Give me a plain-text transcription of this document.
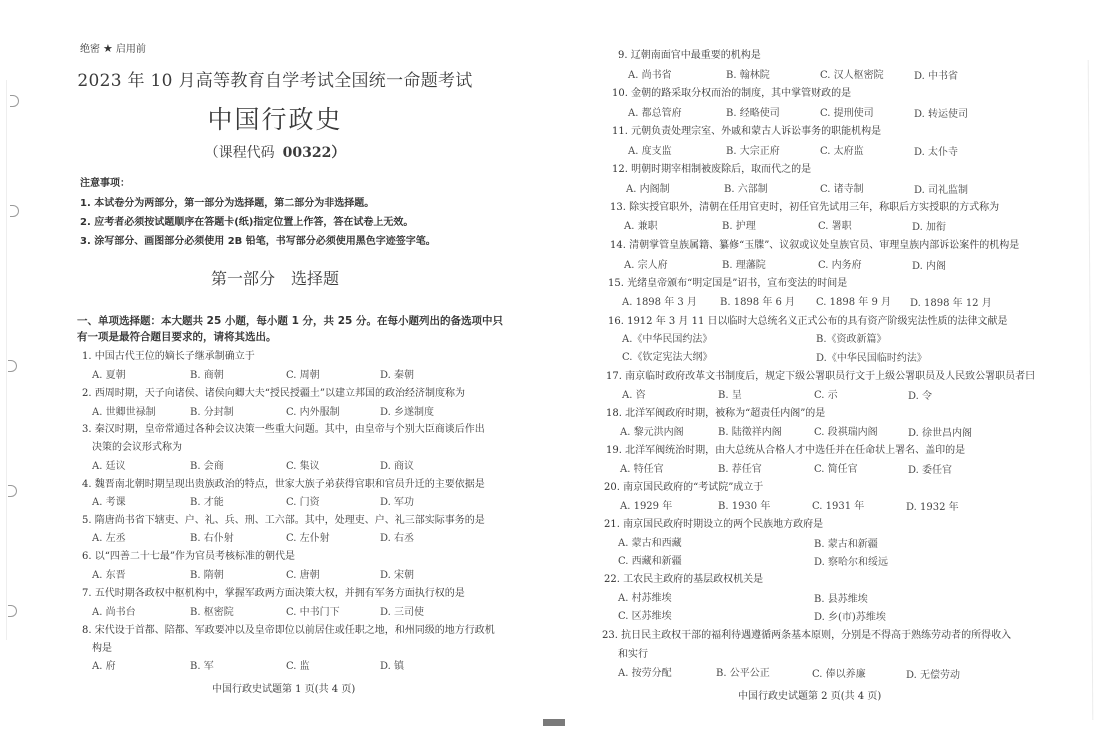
绝密 ★ 启用前
2023 年 10 月高等教育自学考试全国统一命题考试
中国行政史
（课程代码 00322）
注意事项：
1. 本试卷分为两部分，第一部分为选择题，第二部分为非选择题。
2. 应考者必须按试题顺序在答题卡(纸)指定位置上作答，答在试卷上无效。
3. 涂写部分、画图部分必须使用 2B 铅笔，书写部分必须使用黑色字迹签字笔。
第一部分 选择题
一、单项选择题：本大题共 25 小题，每小题 1 分，共 25 分。在每小题列出的备选项中只有一项是最符合题目要求的，请将其选出。
1. 中国古代王位的嫡长子继承制确立于
A. 夏朝	B. 商朝	C. 周朝	D. 秦朝
2. 西周时期，天子向诸侯、诸侯向卿大夫“授民授疆土”以建立邦国的政治经济制度称为
A. 世卿世禄制	B. 分封制	C. 内外服制	D. 乡遂制度
3. 秦汉时期，皇帝常通过各种会议决策一些重大问题。其中，由皇帝与个别大臣商谈后作出
决策的会议形式称为
A. 廷议	B. 会商	C. 集议	D. 商议
4. 魏晋南北朝时期呈现出贵族政治的特点，世家大族子弟获得官职和官员升迁的主要依据是
A. 考课	B. 才能	C. 门资	D. 军功
5. 隋唐尚书省下辖吏、户、礼、兵、刑、工六部。其中，处理吏、户、礼三部实际事务的是
A. 左丞	B. 右仆射	C. 左仆射	D. 右丞
6. 以“四善二十七最”作为官员考核标准的朝代是
A. 东晋	B. 隋朝	C. 唐朝	D. 宋朝
7. 五代时期各政权中枢机构中，掌握军政两方面决策大权，并拥有军务方面执行权的是
A. 尚书台	B. 枢密院	C. 中书门下	D. 三司使
8. 宋代设于首都、陪都、军政要冲以及皇帝即位以前居住或任职之地，和州同级的地方行政机
构是
A. 府	B. 军	C. 监	D. 镇
中国行政史试题第 1 页(共 4 页)
9. 辽朝南面官中最重要的机构是
A. 尚书省	B. 翰林院	C. 汉人枢密院	D. 中书省
10. 金朝的路采取分权而治的制度，其中掌管财政的是
A. 都总管府	B. 经略使司	C. 提刑使司	D. 转运使司
11. 元朝负责处理宗室、外戚和蒙古人诉讼事务的职能机构是
A. 度支监	B. 大宗正府	C. 太府监	D. 太仆寺
12. 明朝时期宰相制被废除后，取而代之的是
A. 内阁制	B. 六部制	C. 诸寺制	D. 司礼监制
13. 除实授官职外，清朝在任用官吏时，初任官先试用三年，称职后方实授职的方式称为
A. 兼职	B. 护理	C. 署职	D. 加衔
14. 清朝掌管皇族属籍、纂修“玉牒”、议叙或议处皇族官员、审理皇族内部诉讼案件的机构是
A. 宗人府	B. 理藩院	C. 内务府	D. 内阁
15. 光绪皇帝颁布“明定国是”诏书，宣布变法的时间是
A. 1898 年 3 月 B. 1898 年 6 月 C. 1898 年 9 月 D. 1898 年 12 月
16. 1912 年 3 月 11 日以临时大总统名义正式公布的具有资产阶级宪法性质的法律文献是
A.《中华民国约法》	B.《资政新篇》
C.《钦定宪法大纲》	D.《中华民国临时约法》
17. 南京临时政府改革文书制度后，规定下级公署职员行文于上级公署职员及人民致公署职员者曰
A. 咨	B. 呈	C. 示	D. 令
18. 北洋军阀政府时期，被称为“超责任内阁”的是
A. 黎元洪内阁	B. 陆徵祥内阁	C. 段祺瑞内阁	D. 徐世昌内阁
19. 北洋军阀统治时期，由大总统从合格人才中选任并在任命状上署名、盖印的是
A. 特任官	B. 荐任官	C. 简任官	D. 委任官
20. 南京国民政府的“考试院”成立于
A. 1929 年	B. 1930 年	C. 1931 年	D. 1932 年
21. 南京国民政府时期设立的两个民族地方政府是
A. 蒙古和西藏	B. 蒙古和新疆
C. 西藏和新疆	D. 察哈尔和绥远
22. 工农民主政府的基层政权机关是
A. 村苏维埃	B. 县苏维埃
C. 区苏维埃	D. 乡(市)苏维埃
23. 抗日民主政权干部的福利待遇遵循两条基本原则，分别是不得高于熟练劳动者的所得收入
和实行
A. 按劳分配	B. 公平公正	C. 俸以养廉	D. 无偿劳动
中国行政史试题第 2 页(共 4 页)
